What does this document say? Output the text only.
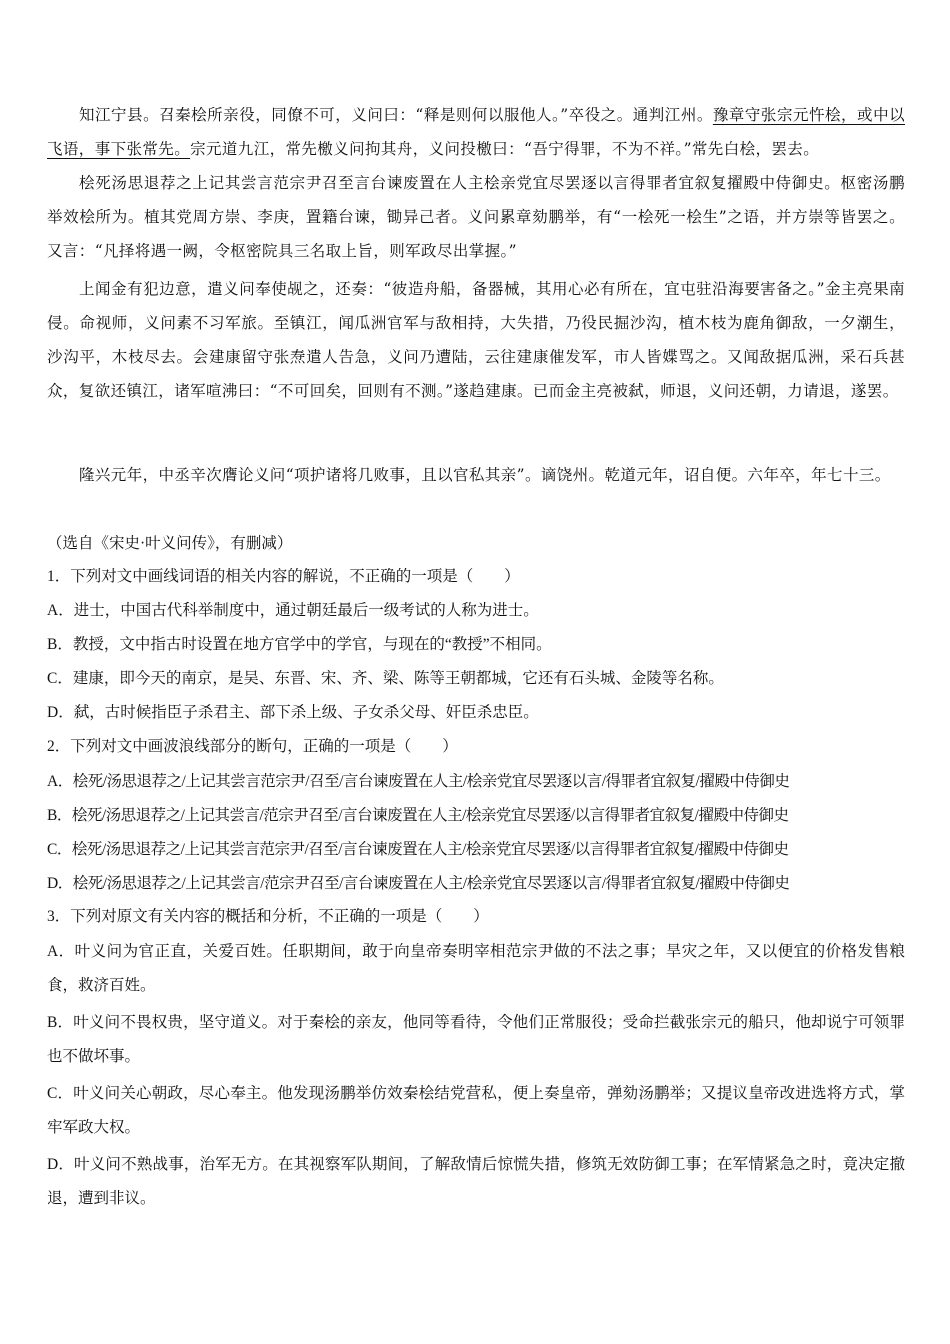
知江宁县。召秦桧所亲役，同僚不可，义问曰：“释是则何以服他人。”卒役之。通判江州。豫章守张宗元忤桧，或中以飞语，事下张常先。宗元道九江，常先檄义问拘其舟，义问投檄曰：“吾宁得罪，不为不祥。”常先白桧，罢去。
桧死汤思退荐之上记其尝言范宗尹召至言台谏废置在人主桧亲党宜尽罢逐以言得罪者宜叙复擢殿中侍御史。枢密汤鹏举效桧所为。植其党周方崇、李庚，置籍台谏，锄异己者。义问累章劾鹏举，有“一桧死一桧生”之语，并方崇等皆罢之。又言：“凡择将遇一阙，令枢密院具三名取上旨，则军政尽出掌握。”
上闻金有犯边意，遣义问奉使觇之，还奏：“彼造舟船，备器械，其用心必有所在，宜屯驻沿海要害备之。”金主亮果南侵。命视师，义问素不习军旅。至镇江，闻瓜洲官军与敌相持，大失措，乃役民掘沙沟，植木枝为鹿角御敌，一夕潮生，沙沟平，木枝尽去。会建康留守张焘遣人告急，义问乃遭陆，云往建康催发军，市人皆媟骂之。又闻敌据瓜洲，采石兵甚众，复欲还镇江，诸军喧沸曰：“不可回矣，回则有不测。”遂趋建康。已而金主亮被弑，师退，义问还朝，力请退，遂罢。
隆兴元年，中丞辛次膺论义问“项护诸将几败事，且以官私其亲”。谪饶州。乾道元年，诏自便。六年卒，年七十三。
（选自《宋史·叶义问传》，有删减）
1．下列对文中画线词语的相关内容的解说，不正确的一项是（　　）
A．进士，中国古代科举制度中，通过朝廷最后一级考试的人称为进士。
B．教授，文中指古时设置在地方官学中的学官，与现在的“教授”不相同。
C．建康，即今天的南京，是吴、东晋、宋、齐、梁、陈等王朝都城，它还有石头城、金陵等名称。
D．弑，古时候指臣子杀君主、部下杀上级、子女杀父母、奸臣杀忠臣。
2．下列对文中画波浪线部分的断句，正确的一项是（　　）
A．桧死/汤思退荐之/上记其尝言范宗尹/召至/言台谏废置在人主/桧亲党宜尽罢逐以言/得罪者宜叙复/擢殿中侍御史
B．桧死/汤思退荐之/上记其尝言/范宗尹召至/言台谏废置在人主/桧亲党宜尽罢逐/以言得罪者宜叙复/擢殿中侍御史
C．桧死/汤思退荐之/上记其尝言范宗尹/召至/言台谏废置在人主/桧亲党宜尽罢逐/以言得罪者宜叙复/擢殿中侍御史
D．桧死/汤思退荐之/上记其尝言/范宗尹召至/言台谏废置在人主/桧亲党宜尽罢逐以言/得罪者宜叙复/擢殿中侍御史
3．下列对原文有关内容的概括和分析，不正确的一项是（　　）
A．叶义问为官正直，关爱百姓。任职期间，敢于向皇帝奏明宰相范宗尹做的不法之事；旱灾之年，又以便宜的价格发售粮食，救济百姓。
B．叶义问不畏权贵，坚守道义。对于秦桧的亲友，他同等看待，令他们正常服役；受命拦截张宗元的船只，他却说宁可领罪也不做坏事。
C．叶义问关心朝政，尽心奉主。他发现汤鹏举仿效秦桧结党营私，便上奏皇帝，弹劾汤鹏举；又提议皇帝改进选将方式，掌牢军政大权。
D．叶义问不熟战事，治军无方。在其视察军队期间，了解敌情后惊慌失措，修筑无效防御工事；在军情紧急之时，竟决定撤退，遭到非议。
